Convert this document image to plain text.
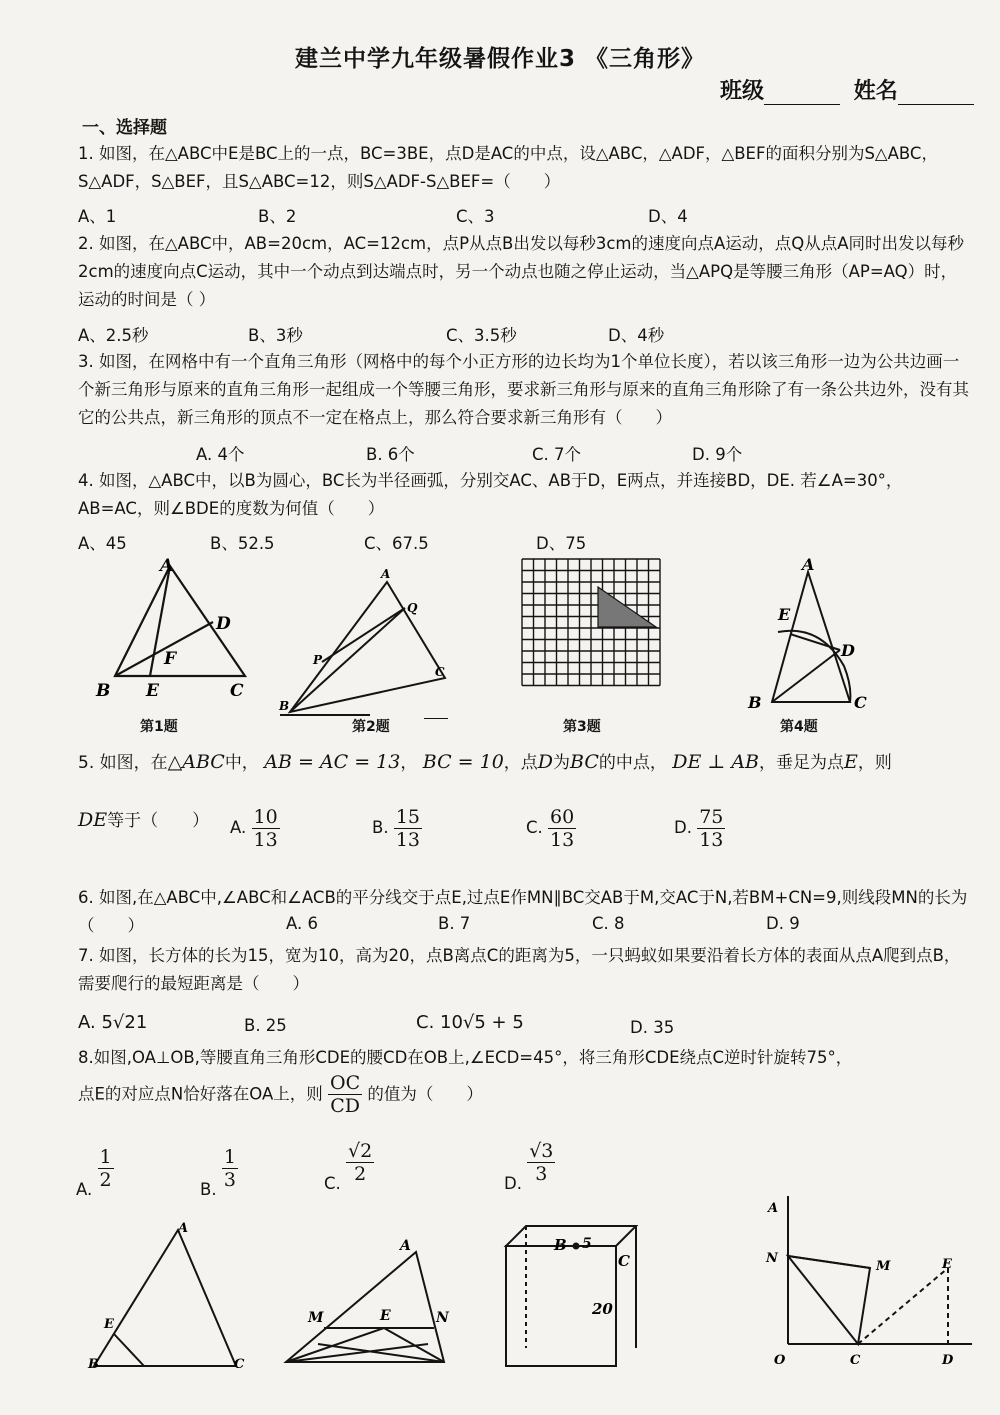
建兰中学九年级暑假作业3 《三角形》
班级	姓名
一、选择题
1. 如图，在△ABC中E是BC上的一点，BC=3BE，点D是AC的中点，设△ABC，△ADF，△BEF的面积分别为S△ABC，S△ADF，S△BEF，且S△ABC=12，则S△ADF-S△BEF=（　　）
A、1	B、2	C、3	D、4
2. 如图，在△ABC中，AB=20cm，AC=12cm，点P从点B出发以每秒3cm的速度向点A运动，点Q从点A同时出发以每秒2cm的速度向点C运动，其中一个动点到达端点时，另一个动点也随之停止运动，当△APQ是等腰三角形（AP=AQ）时，运动的时间是（ ）
A、2.5秒	B、3秒	C、3.5秒	D、4秒
3. 如图，在网格中有一个直角三角形（网格中的每个小正方形的边长均为1个单位长度），若以该三角形一边为公共边画一个新三角形与原来的直角三角形一起组成一个等腰三角形，要求新三角形与原来的直角三角形除了有一条公共边外，没有其它的公共点，新三角形的顶点不一定在格点上，那么符合要求新三角形有（　　）
A. 4个	B. 6个	C. 7个	D. 9个
4. 如图，△ABC中，以B为圆心，BC长为半径画弧，分别交AC、AB于D，E两点，并连接BD，DE. 若∠A=30°，AB=AC，则∠BDE的度数为何值（　　）
A、45	B、52.5	C、67.5	D、75
A
B	C
D
E
F
第1题
A
B
C
P
Q
第2题	第3题
A
B	C
D
E
第4题
5. 如图，在△ABC中， AB = AC = 13， BC = 10，点D为BC的中点， DE ⊥ AB，垂足为点E，则
DE等于（　　） A. $\frac{10}{13}$	B. $\frac{15}{13}$	C. $\frac{60}{13}$	D. $\frac{75}{13}$
6. 如图,在△ABC中,∠ABC和∠ACB的平分线交于点E,过点E作MN∥BC交AB于M,交AC于N,若BM+CN=9,则线段MN的长为（　　）	A. 6	B. 7	C. 8	D. 9
7. 如图，长方体的长为15，宽为10，高为20，点B离点C的距离为5，一只蚂蚁如果要沿着长方体的表面从点A爬到点B，需要爬行的最短距离是（　　）
A. 5√21	B. 25	C. 10√5 + 5	D. 35
8.如图,OA⊥OB,等腰直角三角形CDE的腰CD在OB上,∠ECD=45°，将三角形CDE绕点C逆时针旋转75°，
点E的对应点N恰好落在OA上，则 $\frac{OC}{CD}$ 的值为（　　）
A. $\frac{1}{2}$	B. $\frac{1}{3}$	C. $\frac{√2}{2}$	D. $\frac{√3}{3}$
A
E
B	C
A
M	E	N
B 5
C
20
A
N
M	E
O	C	D
